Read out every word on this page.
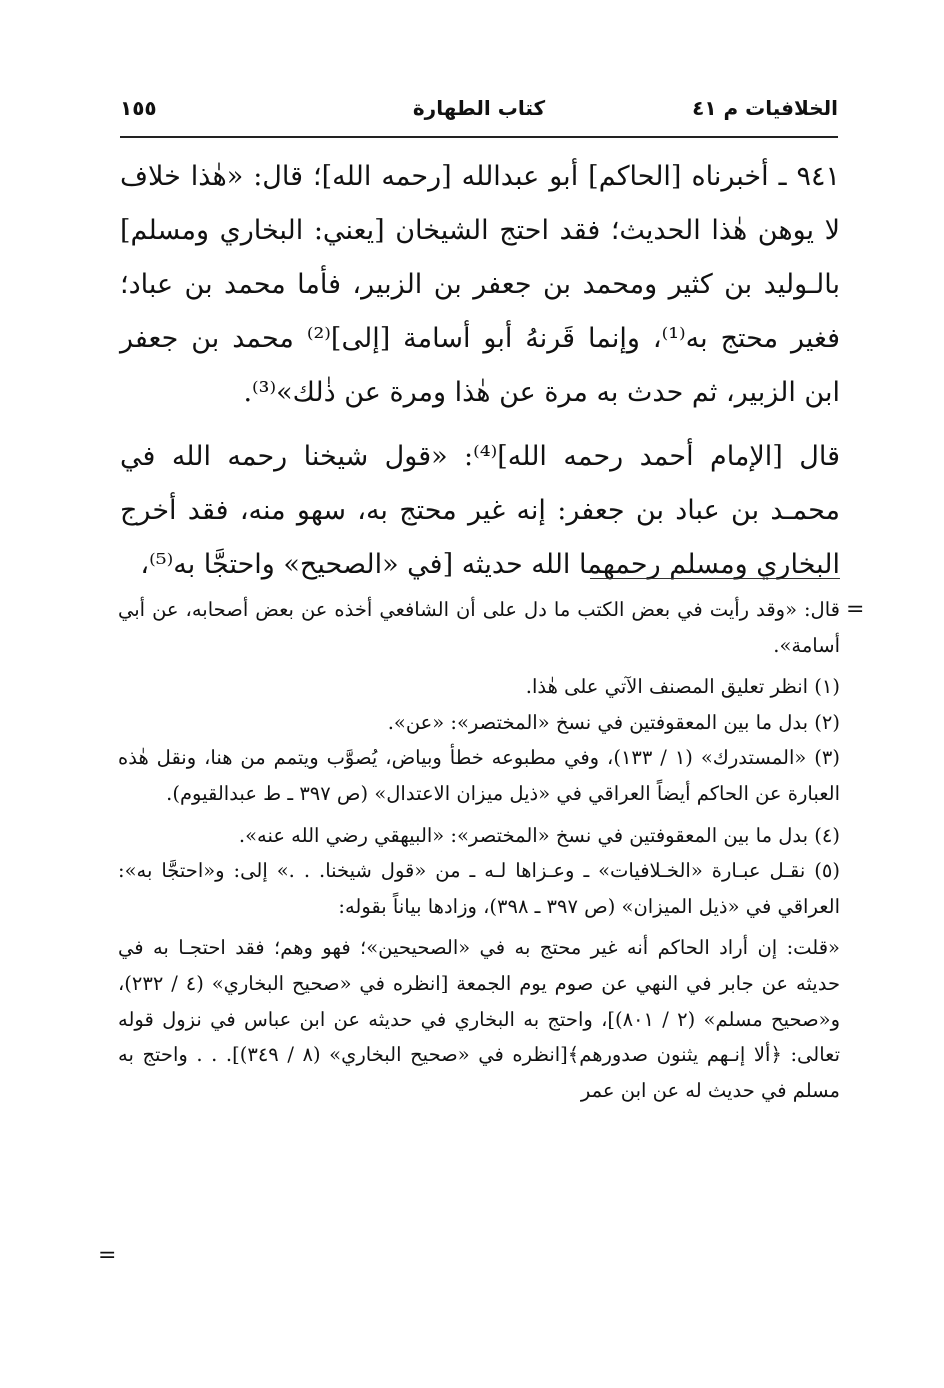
الخلافيات م ٤١
كتاب الطهارة
١٥٥

٩٤١ ـ أخبرناه [الحاكم] أبو عبدالله [رحمه الله]؛ قال: «هٰذا خلاف لا يوهن هٰذا الحديث؛ فقد احتج الشيخان [يعني: البخاري ومسلم] بالـوليد بن كثير ومحمد بن جعفر بن الزبير، فأما محمد بن عباد؛ فغير محتج به⁽¹⁾، وإنما قَرنهُ أبو أسامة [إلى]⁽²⁾ محمد بن جعفر ابن الزبير، ثم حدث به مرة عن هٰذا ومرة عن ذٰلك»⁽³⁾.

قال [الإمام أحمد رحمه الله]⁽⁴⁾: «قول شيخنا رحمه الله في محمـد بن عباد بن جعفر: إنه غير محتج به، سهو منه، فقد أخرج البخاري ومسلم رحمهما الله حديثه [في «الصحيح» واحتجَّا به⁽⁵⁾،

=

قال: «وقد رأيت في بعض الكتب ما دل على أن الشافعي أخذه عن بعض أصحابه، عن أبي أسامة».

(١) انظر تعليق المصنف الآتي على هٰذا.

(٢) بدل ما بين المعقوفتين في نسخ «المختصر»: «عن».

(٣) «المستدرك» (١ / ١٣٣)، وفي مطبوعه خطأ وبياض، يُصوَّب ويتمم من هنا، ونقل هٰذه العبارة عن الحاكم أيضاً العراقي في «ذيل ميزان الاعتدال» (ص ٣٩٧ ـ ط عبدالقيوم).

(٤) بدل ما بين المعقوفتين في نسخ «المختصر»: «البيهقي رضي الله عنه».

(٥) نقـل عبـارة «الخـلافيات» ـ وعـزاها لـه ـ من «قول شيخنا. . .» إلى: و«احتجَّا به»: العراقي في «ذيل الميزان» (ص ٣٩٧ ـ ٣٩٨)، وزادها بياناً بقوله:

«قلت: إن أراد الحاكم أنه غير محتج به في «الصحيحين»؛ فهو وهم؛ فقد احتجـا به في حديثه عن جابر في النهي عن صوم يوم الجمعة [انظره في «صحيح البخاري» (٤ / ٢٣٢)، و«صحيح مسلم» (٢ / ٨٠١)]، واحتج به البخاري في حديثه عن ابن عباس في نزول قوله تعالى: ﴿ألا إنـهم يثنون صدورهم﴾[انظره في «صحيح البخاري» (٨ / ٣٤٩)]. . . واحتج به مسلم في حديث له عن ابن عمر

=
